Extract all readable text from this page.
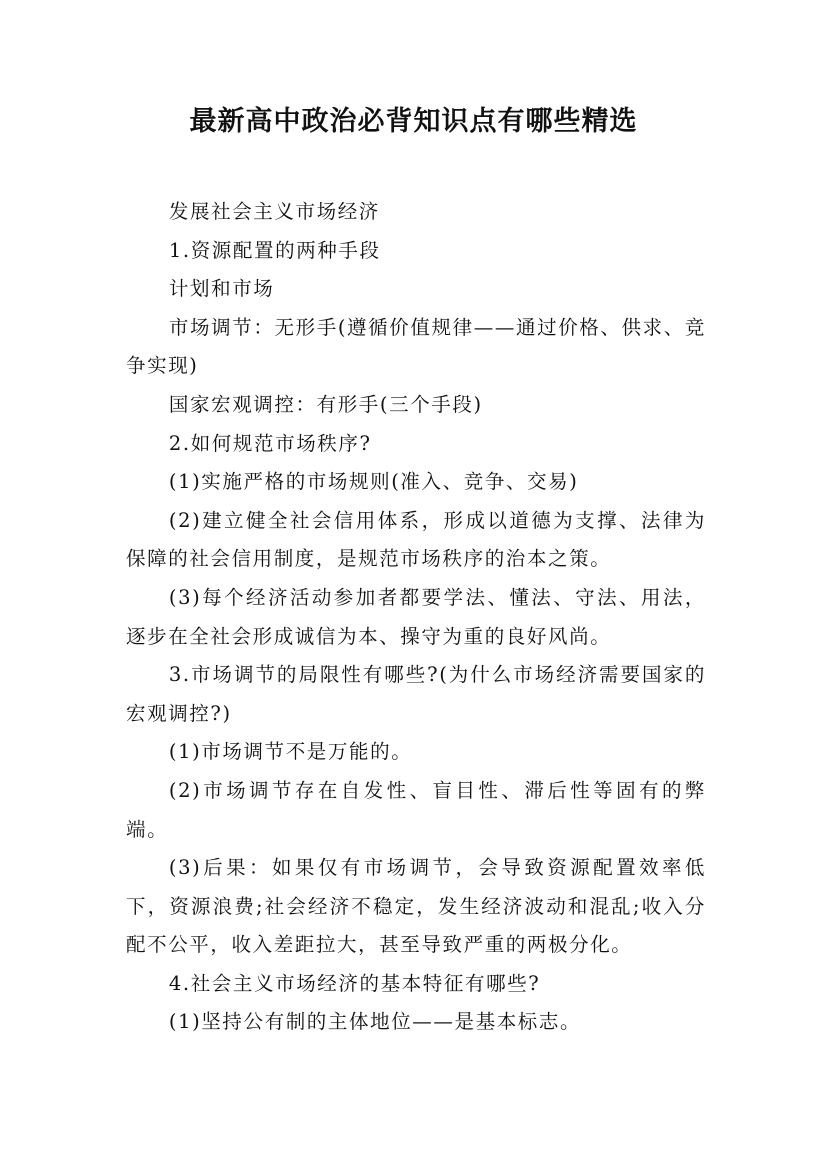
最新高中政治必背知识点有哪些精选

发展社会主义市场经济

1.资源配置的两种手段

计划和市场

市场调节：无形手(遵循价值规律——通过价格、供求、竞争实现)

国家宏观调控：有形手(三个手段)

2.如何规范市场秩序?

(1)实施严格的市场规则(准入、竞争、交易)

(2)建立健全社会信用体系，形成以道德为支撑、法律为保障的社会信用制度，是规范市场秩序的治本之策。

(3)每个经济活动参加者都要学法、懂法、守法、用法，逐步在全社会形成诚信为本、操守为重的良好风尚。

3.市场调节的局限性有哪些?(为什么市场经济需要国家的宏观调控?)

(1)市场调节不是万能的。

(2)市场调节存在自发性、盲目性、滞后性等固有的弊端。

(3)后果：如果仅有市场调节，会导致资源配置效率低下，资源浪费;社会经济不稳定，发生经济波动和混乱;收入分配不公平，收入差距拉大，甚至导致严重的两极分化。

4.社会主义市场经济的基本特征有哪些?

(1)坚持公有制的主体地位——是基本标志。
